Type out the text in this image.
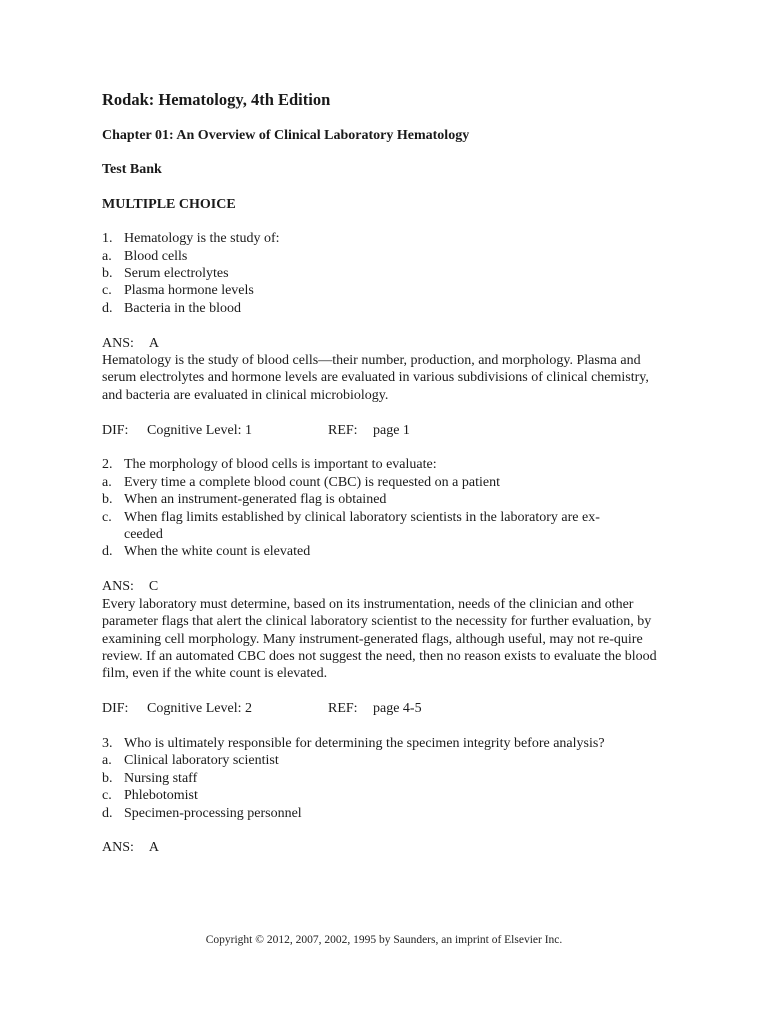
Rodak: Hematology, 4th Edition
Chapter 01: An Overview of Clinical Laboratory Hematology
Test Bank
MULTIPLE CHOICE
1. Hematology is the study of:
a. Blood cells
b. Serum electrolytes
c. Plasma hormone levels
d. Bacteria in the blood
ANS: A
Hematology is the study of blood cells—their number, production, and morphology. Plasma and serum electrolytes and hormone levels are evaluated in various subdivisions of clinical chemistry, and bacteria are evaluated in clinical microbiology.
DIF:	Cognitive Level: 1	REF:	page 1
2. The morphology of blood cells is important to evaluate:
a. Every time a complete blood count (CBC) is requested on a patient
b. When an instrument-generated flag is obtained
c. When flag limits established by clinical laboratory scientists in the laboratory are ex-ceeded
d. When the white count is elevated
ANS: C
Every laboratory must determine, based on its instrumentation, needs of the clinician and other parameter flags that alert the clinical laboratory scientist to the necessity for further evaluation, by examining cell morphology. Many instrument-generated flags, although useful, may not re-quire review. If an automated CBC does not suggest the need, then no reason exists to evaluate the blood film, even if the white count is elevated.
DIF:	Cognitive Level: 2	REF:	page 4-5
3. Who is ultimately responsible for determining the specimen integrity before analysis?
a. Clinical laboratory scientist
b. Nursing staff
c. Phlebotomist
d. Specimen-processing personnel
ANS: A
Copyright © 2012, 2007, 2002, 1995 by Saunders, an imprint of Elsevier Inc.
